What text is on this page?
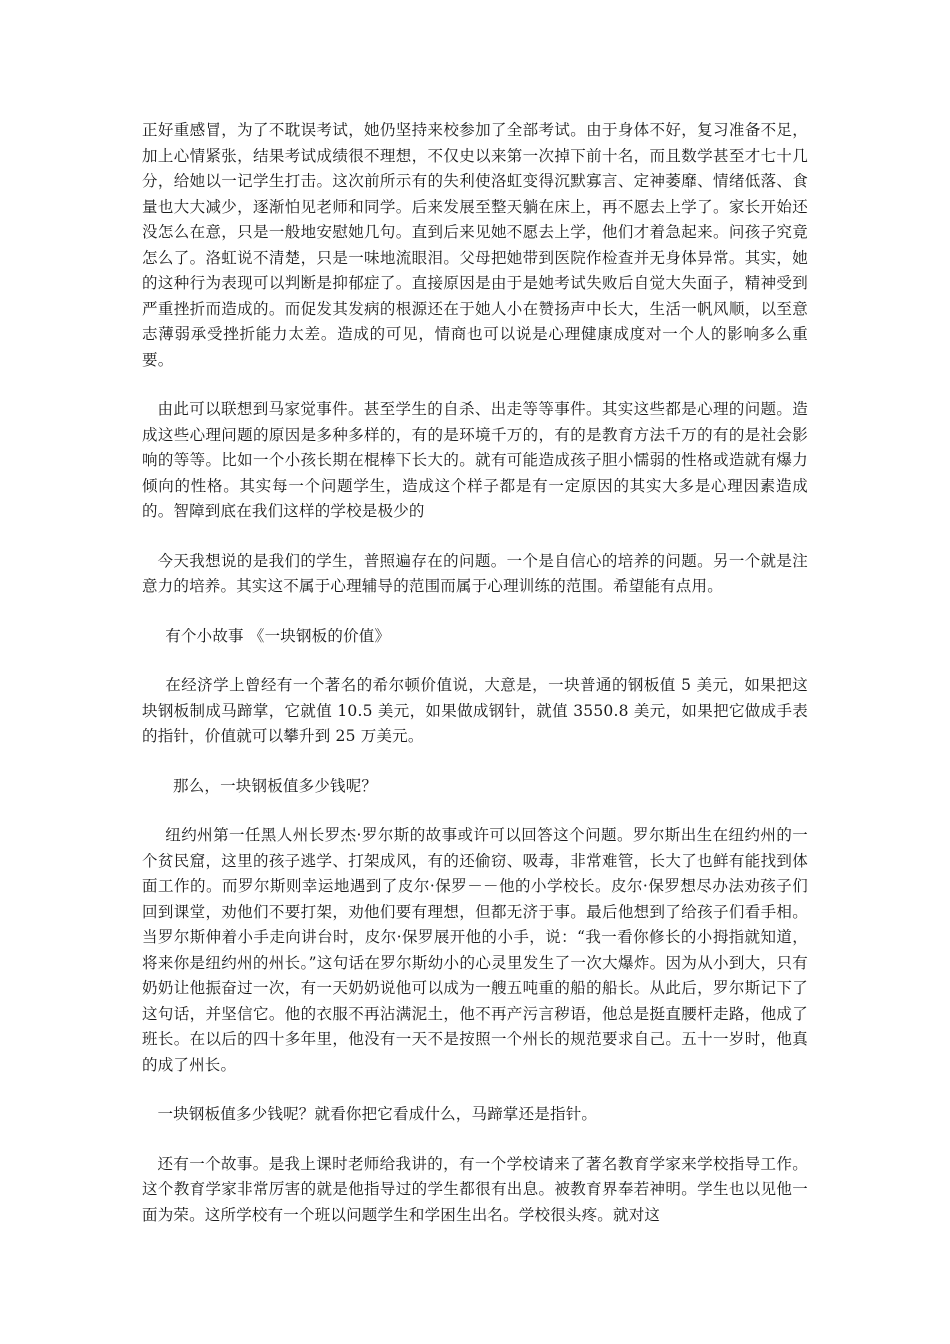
正好重感冒，为了不耽误考试，她仍坚持来校参加了全部考试。由于身体不好，复习准备不足，加上心情紧张，结果考试成绩很不理想，不仅史以来第一次掉下前十名，而且数学甚至才七十几分，给她以一记学生打击。这次前所示有的失利使洛虹变得沉默寡言、定神萎靡、情绪低落、食量也大大减少，逐渐怕见老师和同学。后来发展至整天躺在床上，再不愿去上学了。家长开始还没怎么在意，只是一般地安慰她几句。直到后来见她不愿去上学，他们才着急起来。问孩子究竟怎么了。洛虹说不清楚，只是一味地流眼泪。父母把她带到医院作检查并无身体异常。其实，她的这种行为表现可以判断是抑郁症了。直接原因是由于是她考试失败后自觉大失面子，精神受到严重挫折而造成的。而促发其发病的根源还在于她人小在赞扬声中长大，生活一帆风顺，以至意志薄弱承受挫折能力太差。造成的可见，情商也可以说是心理健康成度对一个人的影响多么重要。

由此可以联想到马家觉事件。甚至学生的自杀、出走等等事件。其实这些都是心理的问题。造成这些心理问题的原因是多种多样的，有的是环境千万的，有的是教育方法千万的有的是社会影响的等等。比如一个小孩长期在棍棒下长大的。就有可能造成孩子胆小懦弱的性格或造就有爆力倾向的性格。其实每一个问题学生，造成这个样子都是有一定原因的其实大多是心理因素造成的。智障到底在我们这样的学校是极少的

今天我想说的是我们的学生，普照遍存在的问题。一个是自信心的培养的问题。另一个就是注意力的培养。其实这不属于心理辅导的范围而属于心理训练的范围。希望能有点用。

有个小故事 《一块钢板的价值》

在经济学上曾经有一个著名的希尔顿价值说，大意是，一块普通的钢板值 5 美元，如果把这块钢板制成马蹄掌，它就值 10.5 美元，如果做成钢针，就值 3550.8 美元，如果把它做成手表的指针，价值就可以攀升到 25 万美元。

那么，一块钢板值多少钱呢？

纽约州第一任黑人州长罗杰·罗尔斯的故事或许可以回答这个问题。罗尔斯出生在纽约州的一个贫民窟，这里的孩子逃学、打架成风，有的还偷窃、吸毒，非常难管，长大了也鲜有能找到体面工作的。而罗尔斯则幸运地遇到了皮尔·保罗－－他的小学校长。皮尔·保罗想尽办法劝孩子们回到课堂，劝他们不要打架，劝他们要有理想，但都无济于事。最后他想到了给孩子们看手相。当罗尔斯伸着小手走向讲台时，皮尔·保罗展开他的小手，说：“我一看你修长的小拇指就知道，将来你是纽约州的州长。”这句话在罗尔斯幼小的心灵里发生了一次大爆炸。因为从小到大，只有奶奶让他振奋过一次，有一天奶奶说他可以成为一艘五吨重的船的船长。从此后，罗尔斯记下了这句话，并坚信它。他的衣服不再沾满泥土，他不再产污言秽语，他总是挺直腰杆走路，他成了班长。在以后的四十多年里，他没有一天不是按照一个州长的规范要求自己。五十一岁时，他真的成了州长。

一块钢板值多少钱呢？就看你把它看成什么，马蹄掌还是指针。

还有一个故事。是我上课时老师给我讲的，有一个学校请来了著名教育学家来学校指导工作。这个教育学家非常厉害的就是他指导过的学生都很有出息。被教育界奉若神明。学生也以见他一面为荣。这所学校有一个班以问题学生和学困生出名。学校很头疼。就对这
